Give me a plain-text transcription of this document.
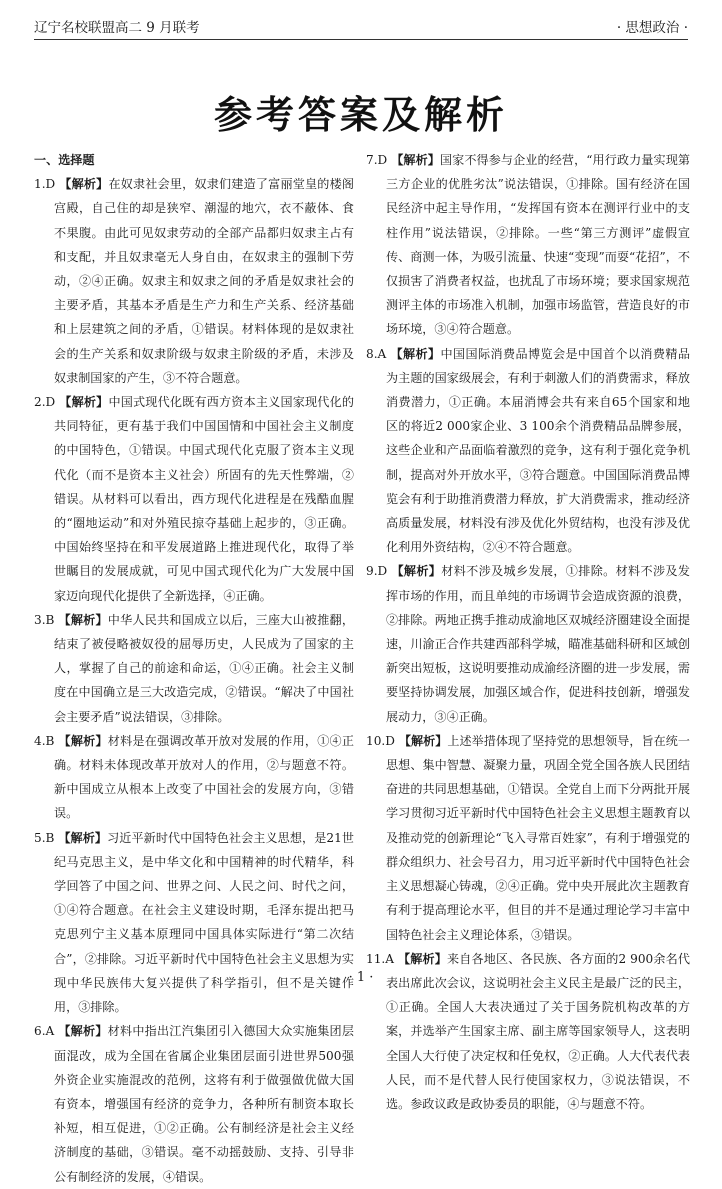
辽宁名校联盟高二 9 月联考	· 思想政治 ·
参考答案及解析
一、选择题
1.D 【解析】在奴隶社会里，奴隶们建造了富丽堂皇的楼阁宫殿，自己住的却是狭窄、潮湿的地穴，衣不蔽体、食不果腹。由此可见奴隶劳动的全部产品都归奴隶主占有和支配，并且奴隶毫无人身自由，在奴隶主的强制下劳动，②④正确。奴隶主和奴隶之间的矛盾是奴隶社会的主要矛盾，其基本矛盾是生产力和生产关系、经济基础和上层建筑之间的矛盾，①错误。材料体现的是奴隶社会的生产关系和奴隶阶级与奴隶主阶级的矛盾，未涉及奴隶制国家的产生，③不符合题意。
2.D 【解析】中国式现代化既有西方资本主义国家现代化的共同特征，更有基于我们中国国情和中国社会主义制度的中国特色，①错误。中国式现代化克服了资本主义现代化（而不是资本主义社会）所固有的先天性弊端，②错误。从材料可以看出，西方现代化进程是在残酷血腥的“圈地运动”和对外殖民掠夺基础上起步的，③正确。中国始终坚持在和平发展道路上推进现代化，取得了举世瞩目的发展成就，可见中国式现代化为广大发展中国家迈向现代化提供了全新选择，④正确。
3.B 【解析】中华人民共和国成立以后，三座大山被推翻，结束了被侵略被奴役的屈辱历史，人民成为了国家的主人，掌握了自己的前途和命运，①④正确。社会主义制度在中国确立是三大改造完成，②错误。“解决了中国社会主要矛盾”说法错误，③排除。
4.B 【解析】材料是在强调改革开放对发展的作用，①④正确。材料未体现改革开放对人的作用，②与题意不符。新中国成立从根本上改变了中国社会的发展方向，③错误。
5.B 【解析】习近平新时代中国特色社会主义思想，是21世纪马克思主义，是中华文化和中国精神的时代精华，科学回答了中国之问、世界之问、人民之问、时代之问，①④符合题意。在社会主义建设时期，毛泽东提出把马克思列宁主义基本原理同中国具体实际进行“第二次结合”，②排除。习近平新时代中国特色社会主义思想为实现中华民族伟大复兴提供了科学指引，但不是关键作用，③排除。
6.A 【解析】材料中指出江汽集团引入德国大众实施集团层面混改，成为全国在省属企业集团层面引进世界500强外资企业实施混改的范例，这将有利于做强做优做大国有资本，增强国有经济的竞争力，各种所有制资本取长补短，相互促进，①②正确。公有制经济是社会主义经济制度的基础，③错误。毫不动摇鼓励、支持、引导非公有制经济的发展，④错误。
7.D 【解析】国家不得参与企业的经营，“用行政力量实现第三方企业的优胜劣汰”说法错误，①排除。国有经济在国民经济中起主导作用，“发挥国有资本在测评行业中的支柱作用”说法错误，②排除。一些“第三方测评”虚假宣传、商测一体，为吸引流量、快速“变现”而耍“花招”，不仅损害了消费者权益，也扰乱了市场环境；要求国家规范测评主体的市场准入机制，加强市场监管，营造良好的市场环境，③④符合题意。
8.A 【解析】中国国际消费品博览会是中国首个以消费精品为主题的国家级展会，有利于刺激人们的消费需求，释放消费潜力，①正确。本届消博会共有来自65个国家和地区的将近2 000家企业、3 100余个消费精品品牌参展，这些企业和产品面临着激烈的竞争，这有利于强化竞争机制，提高对外开放水平，③符合题意。中国国际消费品博览会有利于助推消费潜力释放，扩大消费需求，推动经济高质量发展，材料没有涉及优化外贸结构，也没有涉及优化利用外资结构，②④不符合题意。
9.D 【解析】材料不涉及城乡发展，①排除。材料不涉及发挥市场的作用，而且单纯的市场调节会造成资源的浪费，②排除。两地正携手推动成渝地区双城经济圈建设全面提速，川渝正合作共建西部科学城，瞄准基础科研和区域创新突出短板，这说明要推动成渝经济圈的进一步发展，需要坚持协调发展，加强区域合作，促进科技创新，增强发展动力，③④正确。
10.D 【解析】上述举措体现了坚持党的思想领导，旨在统一思想、集中智慧、凝聚力量，巩固全党全国各族人民团结奋进的共同思想基础，①错误。全党自上而下分两批开展学习贯彻习近平新时代中国特色社会主义思想主题教育以及推动党的创新理论“飞入寻常百姓家”，有利于增强党的群众组织力、社会号召力，用习近平新时代中国特色社会主义思想凝心铸魂，②④正确。党中央开展此次主题教育有利于提高理论水平，但目的并不是通过理论学习丰富中国特色社会主义理论体系，③错误。
11.A 【解析】来自各地区、各民族、各方面的2 900余名代表出席此次会议，这说明社会主义民主是最广泛的民主，①正确。全国人大表决通过了关于国务院机构改革的方案，并选举产生国家主席、副主席等国家领导人，这表明全国人大行使了决定权和任免权，②正确。人大代表代表人民，而不是代替人民行使国家权力，③说法错误，不选。参政议政是政协委员的职能，④与题意不符。
· 1 ·
